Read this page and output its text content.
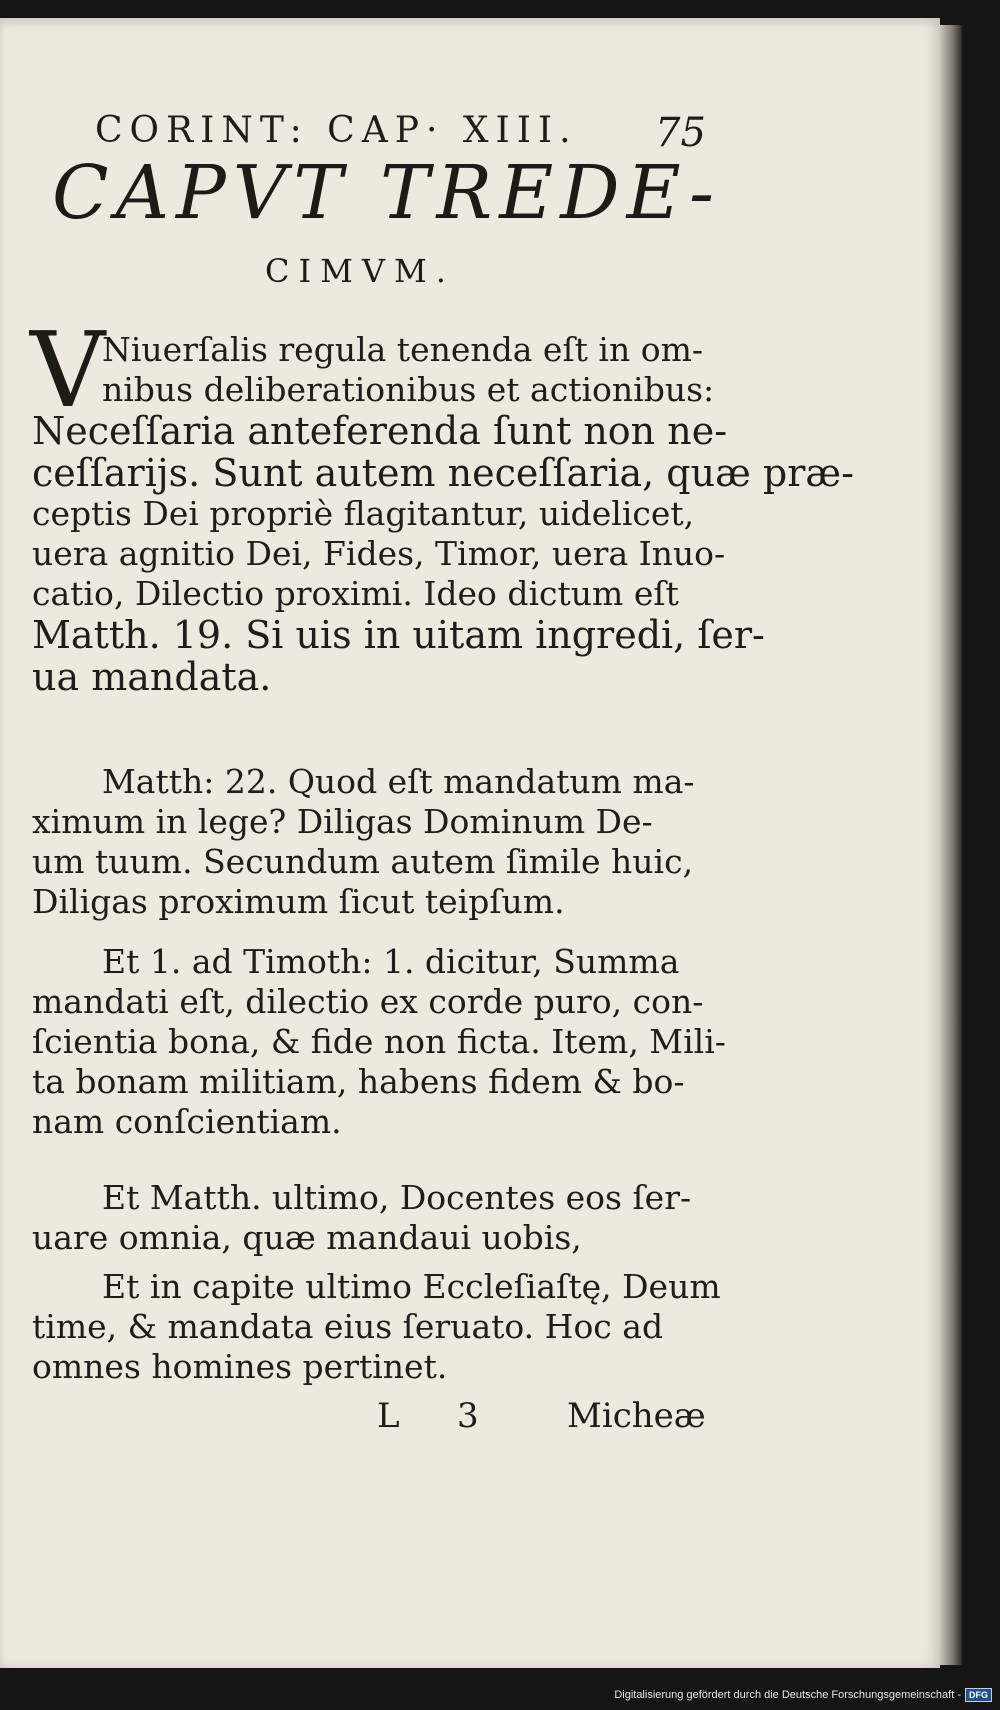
CORINT: CAP· XIII.	75
CAPVT TREDE-
CIMVM.
V
Niuerſalis regula tenenda eſt in om-
nibus deliberationibus et actionibus:
Neceſſaria anteferenda ſunt non ne-
ceſſarijs. Sunt autem neceſſaria, quæ præ-
ceptis Dei propriè flagitantur, uidelicet,
uera agnitio Dei, Fides, Timor, uera Inuo-
catio, Dilectio proximi. Ideo dictum eſt
Matth. 19. Si uis in uitam ingredi, ſer-
ua mandata.
Matth: 22. Quod eſt mandatum ma-
ximum in lege? Diligas Dominum De-
um tuum. Secundum autem ſimile huic,
Diligas proximum ſicut teipſum.
Et 1. ad Timoth: 1. dicitur, Summa
mandati eſt, dilectio ex corde puro, con-
ſcientia bona, & fide non ficta. Item, Mili-
ta bonam militiam, habens fidem & bo-
nam conſcientiam.
Et Matth. ultimo, Docentes eos ſer-
uare omnia, quæ mandaui uobis,
Et in capite ultimo Eccleſiaſtę, Deum
time, & mandata eius ſeruato. Hoc ad
omnes homines pertinet.
L 3	Micheæ
Digitalisierung gefördert durch die Deutsche Forschungsgemeinschaft - DFG
